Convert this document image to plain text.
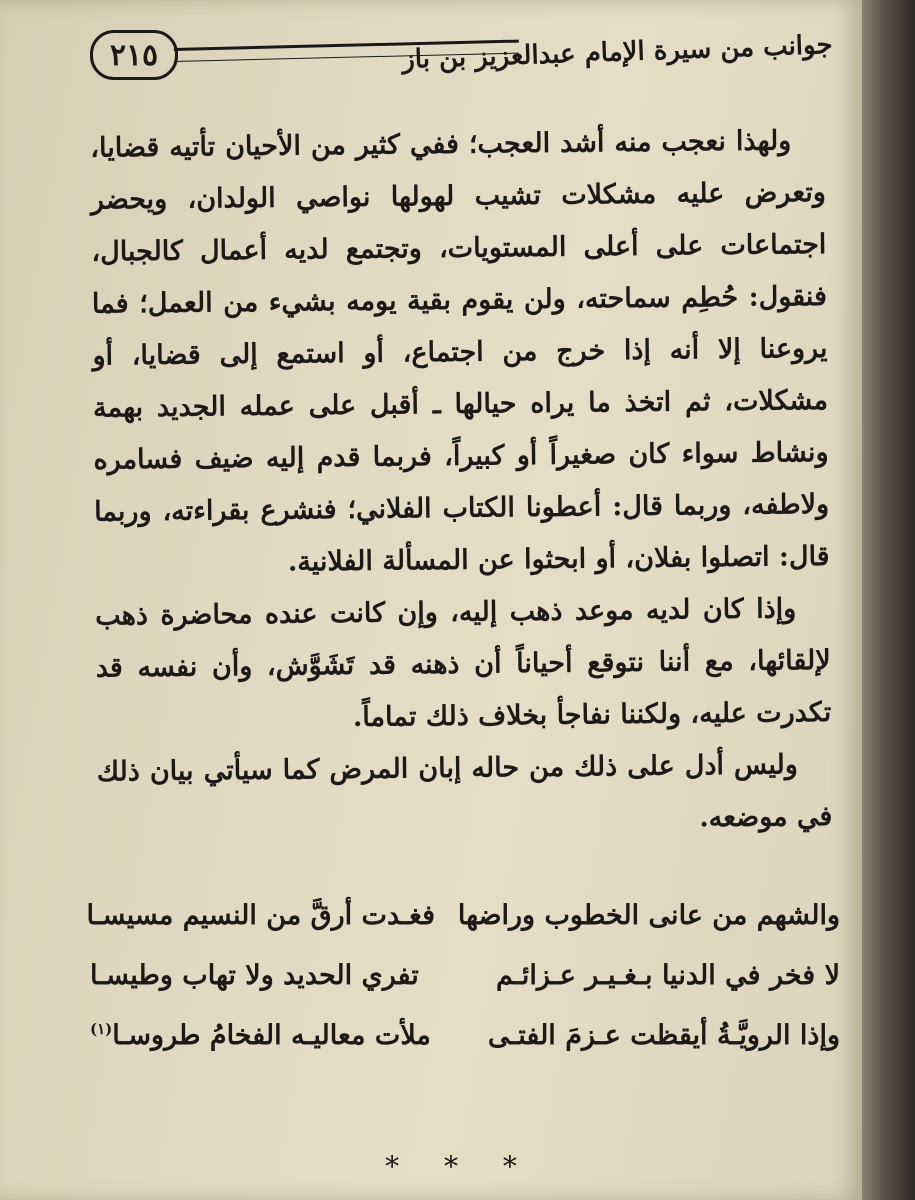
٢١٥	جوانب من سيرة الإمام عبدالعزيز بن باز

ولهذا نعجب منه أشد العجب؛ ففي كثير من الأحيان تأتيه قضايا، وتعرض عليه مشكلات تشيب لهولها نواصي الولدان، ويحضر اجتماعات على أعلى المستويات، وتجتمع لديه أعمال كالجبال، فنقول: حُطِم سماحته، ولن يقوم بقية يومه بشيء من العمل؛ فما يروعنا إلا أنه إذا خرج من اجتماع، أو استمع إلى قضايا، أو مشكلات، ثم اتخذ ما يراه حيالها ـ أقبل على عمله الجديد بهمة ونشاط سواء كان صغيراً أو كبيراً، فربما قدم إليه ضيف فسامره ولاطفه، وربما قال: أعطونا الكتاب الفلاني؛ فنشرع بقراءته، وربما قال: اتصلوا بفلان، أو ابحثوا عن المسألة الفلانية.

وإذا كان لديه موعد ذهب إليه، وإن كانت عنده محاضرة ذهب لإلقائها، مع أننا نتوقع أحياناً أن ذهنه قد تَشَوَّش، وأن نفسه قد تكدرت عليه، ولكننا نفاجأ بخلاف ذلك تماماً.

وليس أدل على ذلك من حاله إبان المرض كما سيأتي بيان ذلك في موضعه.

والشهم من عانى الخطوب وراضها
فغـدت أرقَّ من النسيم مسيسـا
لا فخر في الدنيا بـغـيـر عـزائـم
تفري الحديد ولا تهاب وطيسـا
وإذا الرويَّـةُ أيقظت عـزمَ الفتـى
ملأت معاليـه الفخامُ طروسـا$^{(١)}$
* * *
